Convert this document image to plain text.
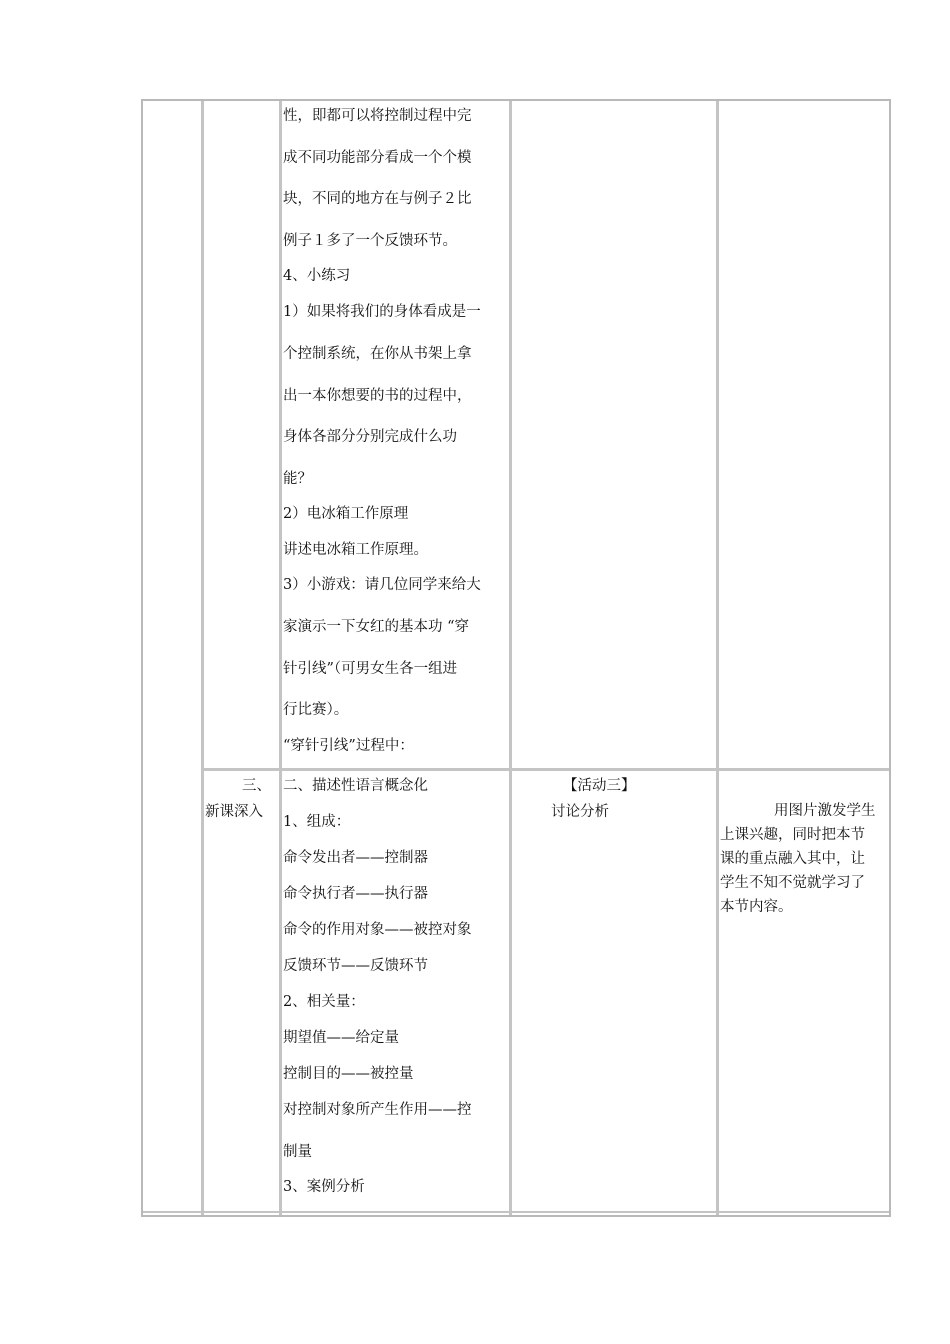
性，即都可以将控制过程中完
成不同功能部分看成一个个模
块，不同的地方在与例子２比
例子１多了一个反馈环节。
4、小练习
1）如果将我们的身体看成是一
个控制系统，在你从书架上拿
出一本你想要的书的过程中，
身体各部分分别完成什么功
能？
2）电冰箱工作原理
讲述电冰箱工作原理。
3）小游戏：请几位同学来给大
家演示一下女红的基本功 “穿
针引线”（可男女生各一组进
行比赛）。
“穿针引线”过程中：
三、
新课深入
二、描述性语言概念化
1、组成：
命令发出者——控制器
命令执行者——执行器
命令的作用对象——被控对象
反馈环节——反馈环节
2、相关量：
期望值——给定量
控制目的——被控量
对控制对象所产生作用——控
制量
3、案例分析
【活动三】
讨论分析	用图片激发学生
上课兴趣，同时把本节
课的重点融入其中，让
学生不知不觉就学习了
本节内容。
